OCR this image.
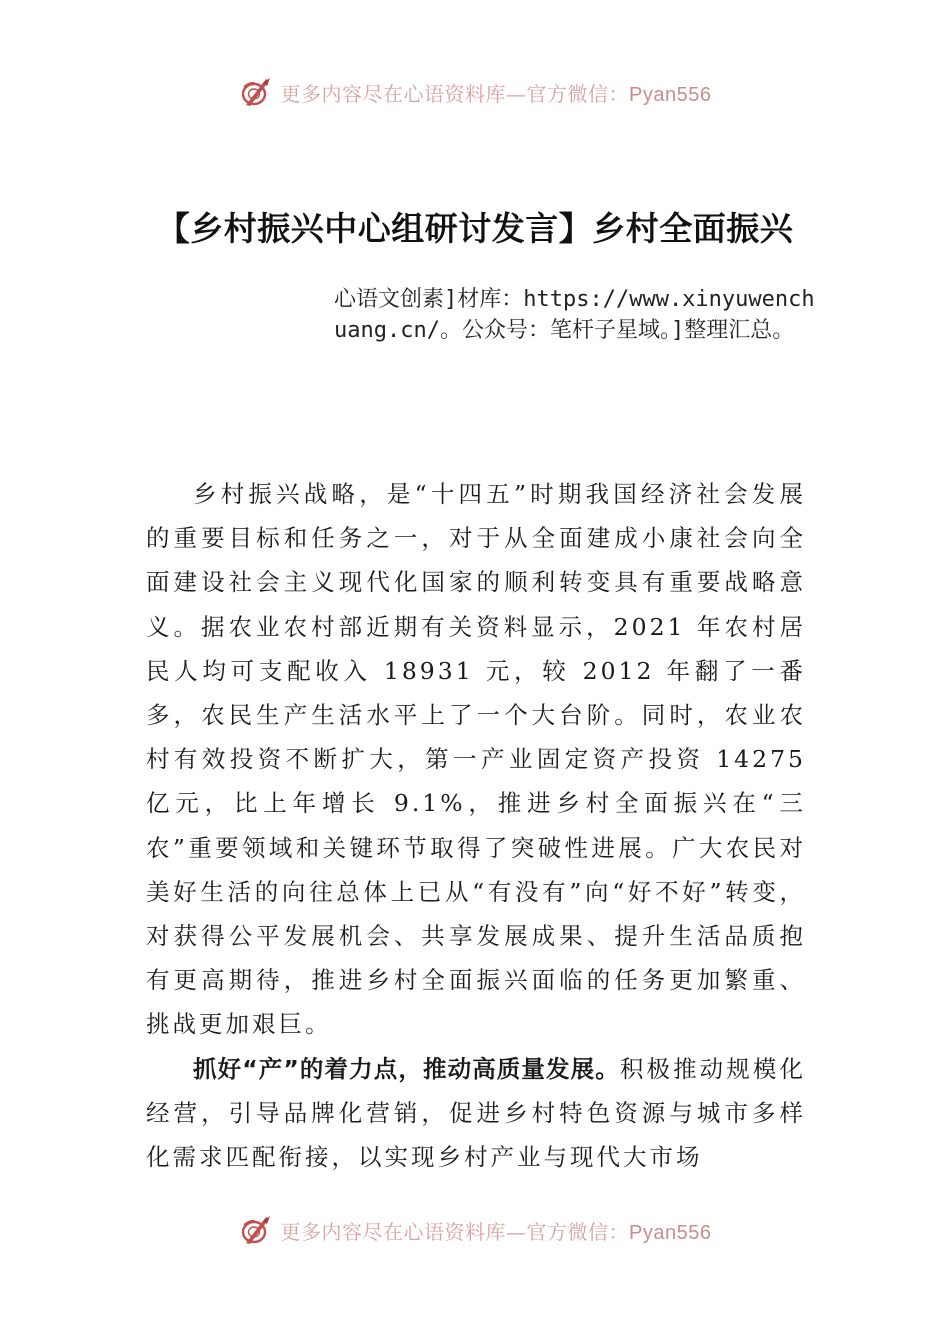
更多内容尽在心语资料库—官方微信：Pyan556
【乡村振兴中心组研讨发言】乡村全面振兴
心语文创素]材库：https://www.xinyuwenchuang.cn/。公众号：笔杆子星域。]整理汇总。

乡村振兴战略，是“十四五”时期我国经济社会发展的重要目标和任务之一，对于从全面建成小康社会向全面建设社会主义现代化国家的顺利转变具有重要战略意义。据农业农村部近期有关资料显示，2021 年农村居民人均可支配收入 18931 元，较 2012 年翻了一番多，农民生产生活水平上了一个大台阶。同时，农业农村有效投资不断扩大，第一产业固定资产投资 14275 亿元，比上年增长 9.1%，推进乡村全面振兴在“三农”重要领域和关键环节取得了突破性进展。广大农民对美好生活的向往总体上已从“有没有”向“好不好”转变，对获得公平发展机会、共享发展成果、提升生活品质抱有更高期待，推进乡村全面振兴面临的任务更加繁重、挑战更加艰巨。

抓好“产”的着力点，推动高质量发展。积极推动规模化经营，引导品牌化营销，促进乡村特色资源与城市多样化需求匹配衔接，以实现乡村产业与现代大市场

更多内容尽在心语资料库—官方微信：Pyan556
